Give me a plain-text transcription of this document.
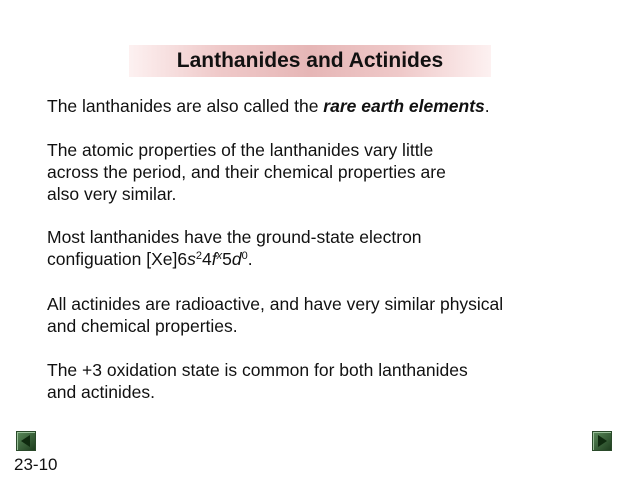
Lanthanides and Actinides

The lanthanides are also called the rare earth elements.

The atomic properties of the lanthanides vary little
across the period, and their chemical properties are
also very similar.

Most lanthanides have the ground-state electron
configuation $[Xe]6s^24f^x5d^0$.

All actinides are radioactive, and have very similar physical
and chemical properties.

The +3 oxidation state is common for both lanthanides
and actinides.

23-10
